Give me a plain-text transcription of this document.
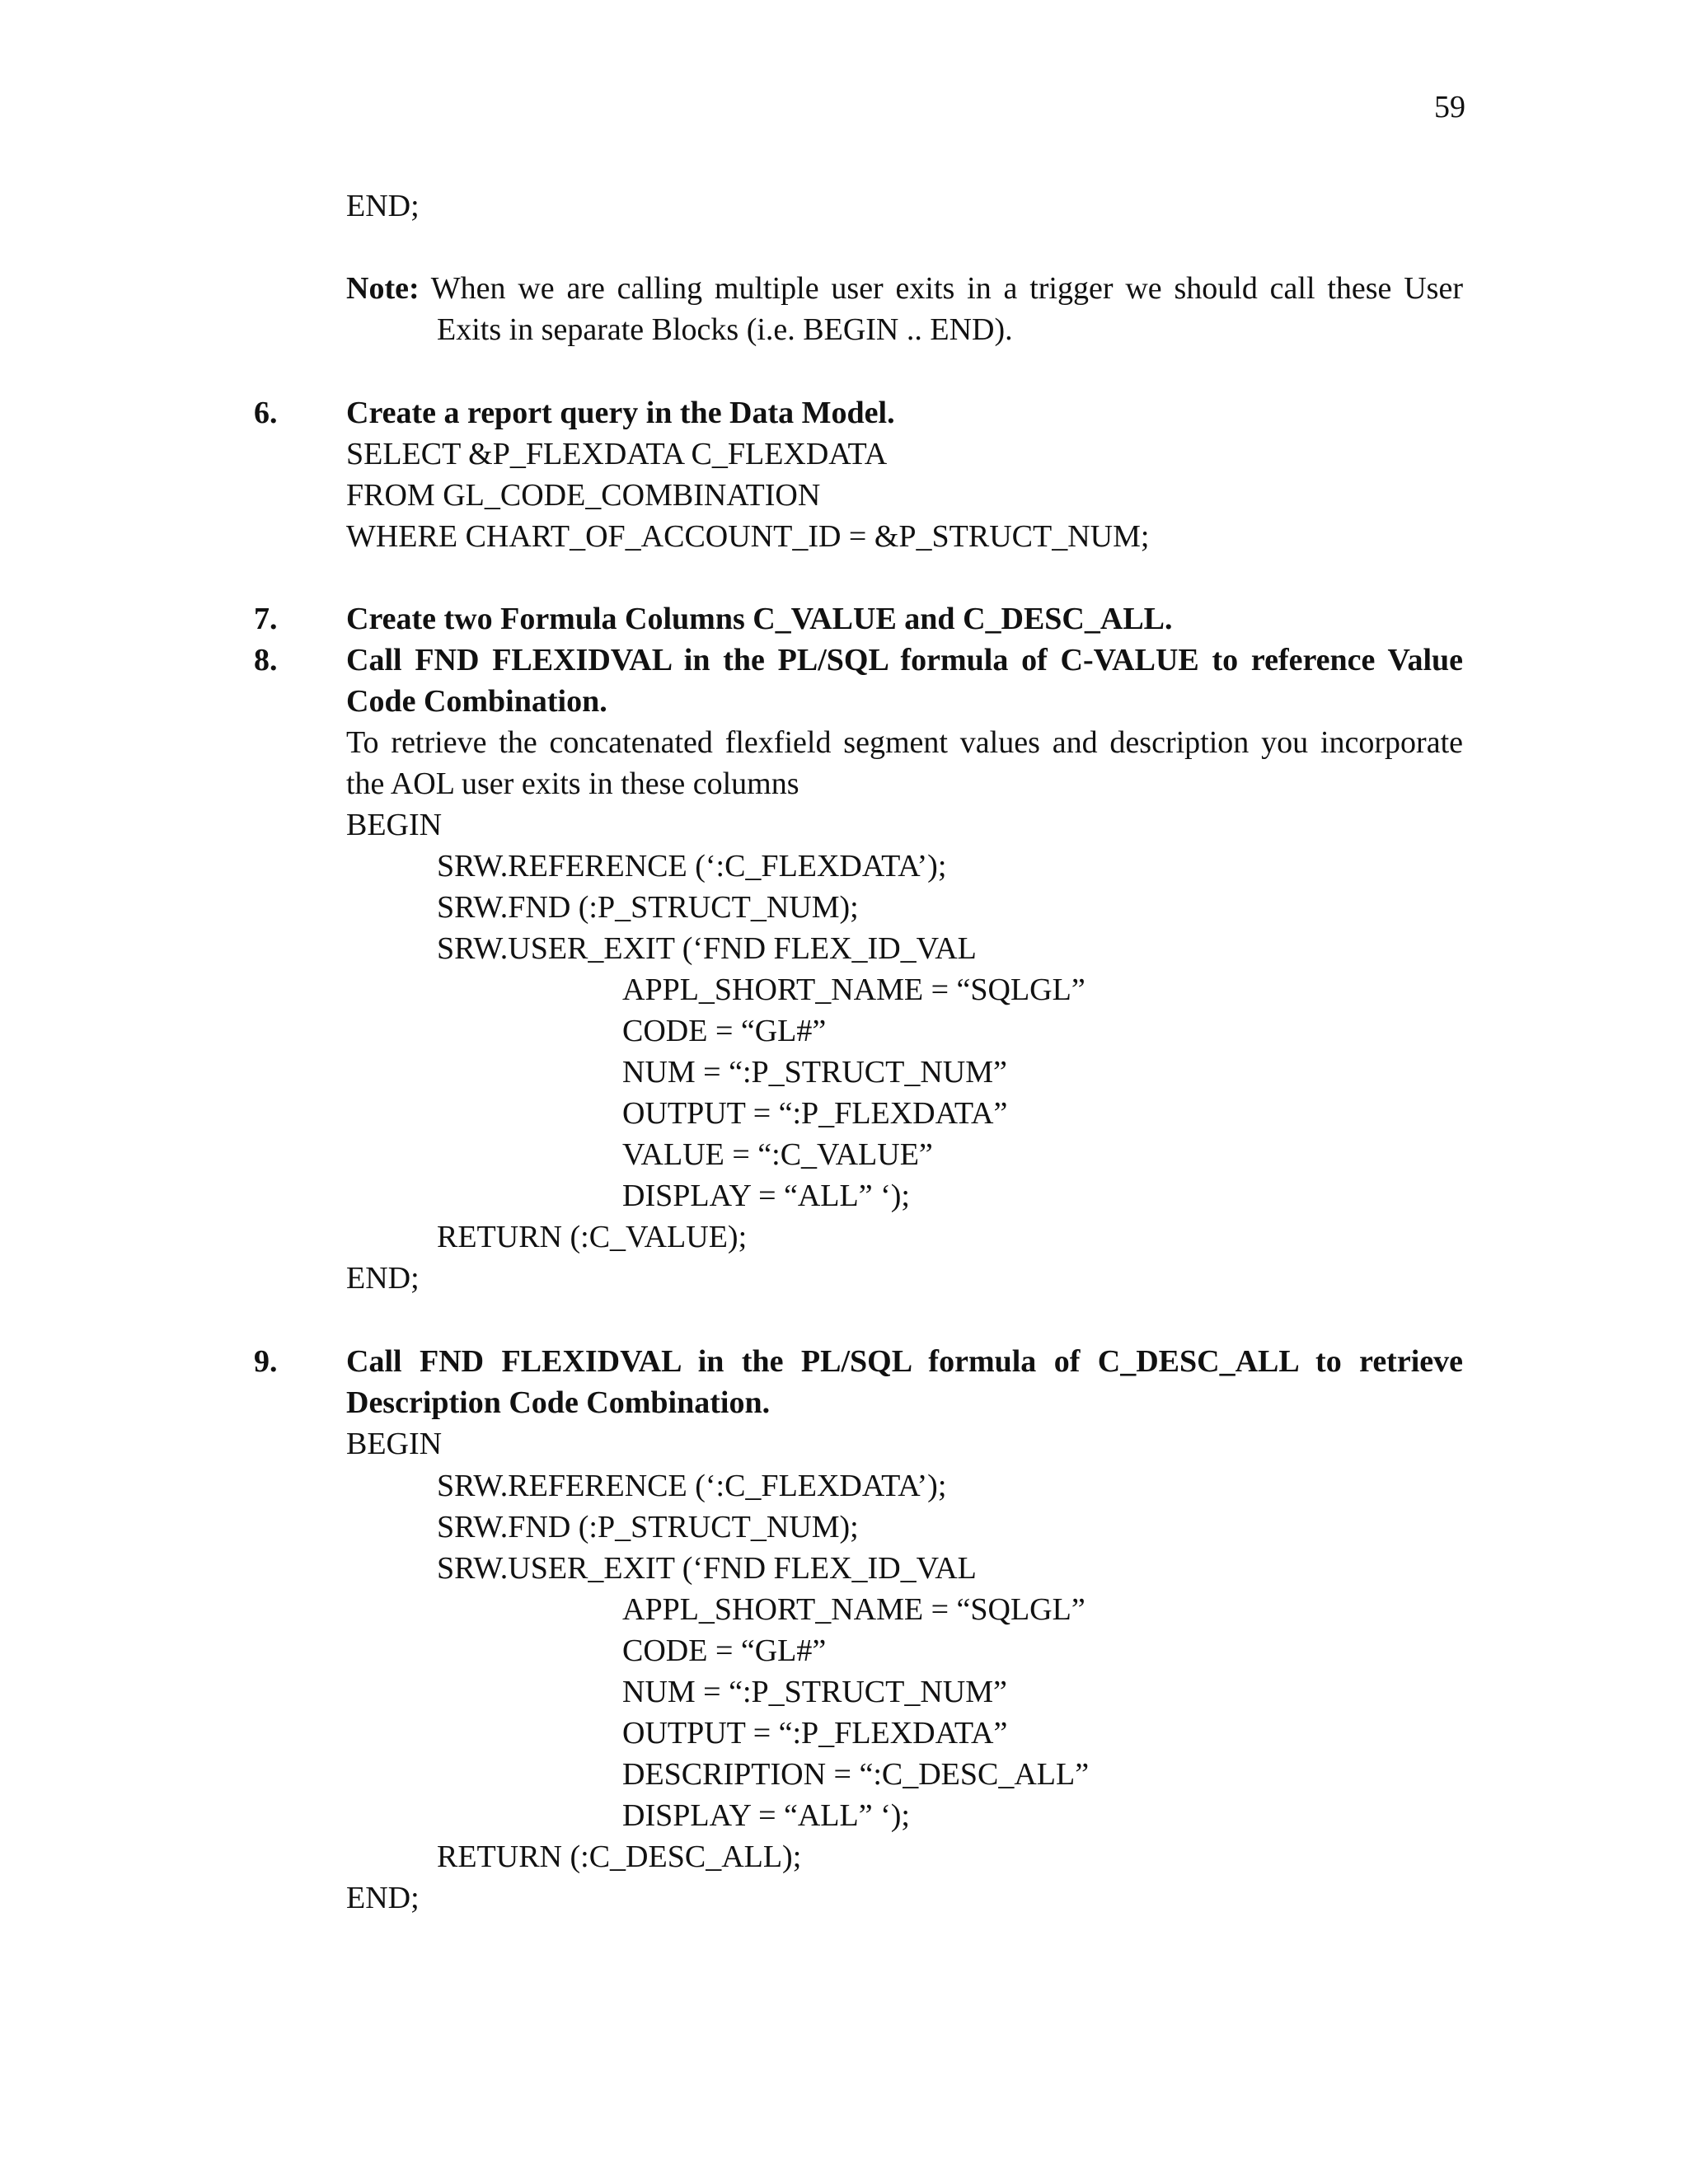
59
END;
Note: When we are calling multiple user exits in a trigger we should call these User Exits in separate Blocks (i.e. BEGIN .. END).
6. Create a report query in the Data Model.
SELECT &P_FLEXDATA C_FLEXDATA
FROM GL_CODE_COMBINATION
WHERE CHART_OF_ACCOUNT_ID = &P_STRUCT_NUM;
7. Create two Formula Columns C_VALUE and C_DESC_ALL.
8. Call FND FLEXIDVAL in the PL/SQL formula of C-VALUE to reference Value Code Combination.
To retrieve the concatenated flexfield segment values and description you incorporate the AOL user exits in these columns
BEGIN
SRW.REFERENCE (‘:C_FLEXDATA’);
SRW.FND (:P_STRUCT_NUM);
SRW.USER_EXIT (‘FND FLEX_ID_VAL
APPL_SHORT_NAME = “SQLGL”
CODE = “GL#”
NUM = “:P_STRUCT_NUM”
OUTPUT = “:P_FLEXDATA”
VALUE = “:C_VALUE”
DISPLAY = “ALL” ‘);
RETURN (:C_VALUE);
END;
9. Call FND FLEXIDVAL in the PL/SQL formula of C_DESC_ALL to retrieve Description Code Combination.
BEGIN
SRW.REFERENCE (‘:C_FLEXDATA’);
SRW.FND (:P_STRUCT_NUM);
SRW.USER_EXIT (‘FND FLEX_ID_VAL
APPL_SHORT_NAME = “SQLGL”
CODE = “GL#”
NUM = “:P_STRUCT_NUM”
OUTPUT = “:P_FLEXDATA”
DESCRIPTION = “:C_DESC_ALL”
DISPLAY = “ALL” ‘);
RETURN (:C_DESC_ALL);
END;
